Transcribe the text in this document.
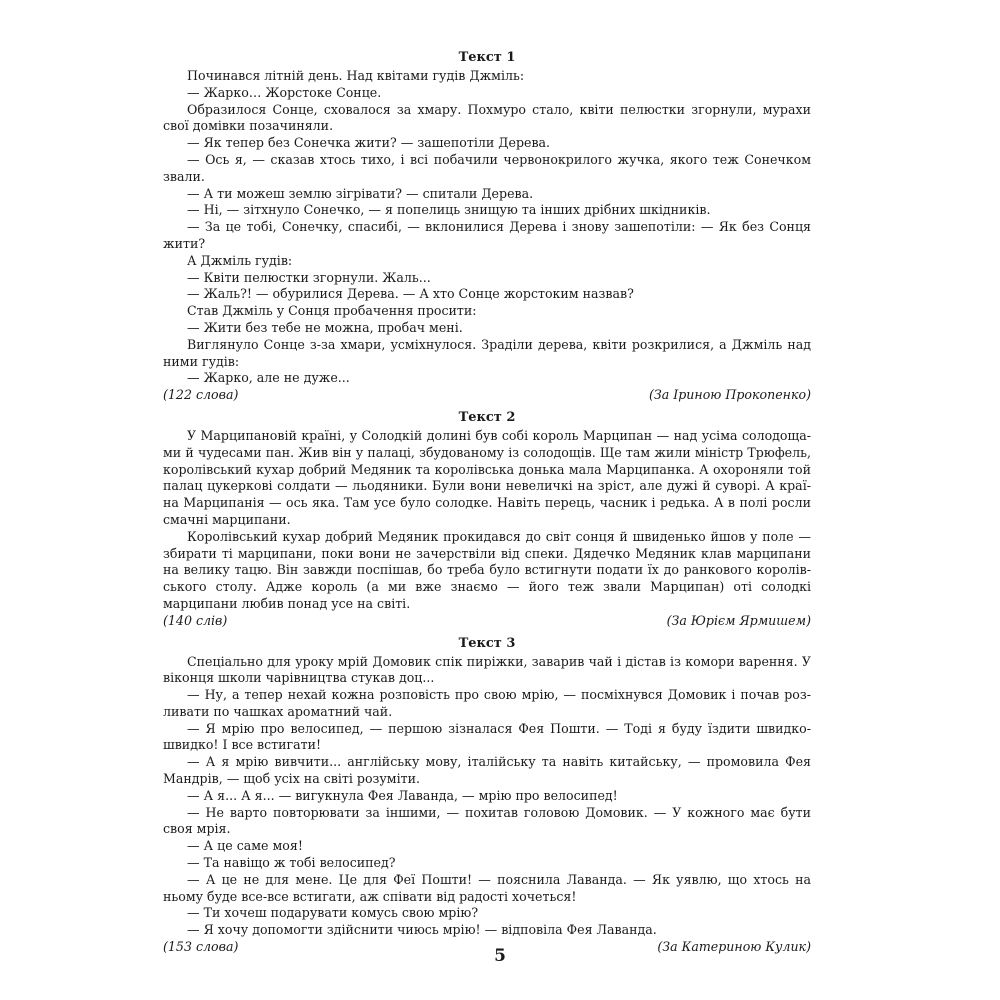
Текст 1

Починався літній день. Над квітами гудів Джміль:

— Жарко… Жорстоке Сонце.

Образилося Сонце, сховалося за хмару. Похмуро стало, квіти пелюстки згорнули, мурахи свої домівки позачиняли.

— Як тепер без Сонечка жити? — зашепотіли Дерева.

— Ось я, — сказав хтось тихо, і всі побачили червонокрилого жучка, якого теж Сонечком звали.

— А ти можеш землю зігрівати? — спитали Дерева.

— Ні, — зітхнуло Сонечко, — я попелиць знищую та інших дрібних шкідників.

— За це тобі, Сонечку, спасибі, — вклонилися Дерева і знову зашепотіли: — Як без Сонця жити?

А Джміль гудів:

— Квіти пелюстки згорнули. Жаль...

— Жаль?! — обурилися Дерева. — А хто Сонце жорстоким назвав?

Став Джміль у Сонця пробачення просити:

— Жити без тебе не можна, пробач мені.

Виглянуло Сонце з-за хмари, усміхнулося. Зраділи дерева, квіти розкрилися, а Джміль над ними гудів:

— Жарко, але не дуже...

(122 слова)	(За Іриною Прокопенко)
Текст 2

У Марципановій країні, у Солодкій долині був собі король Марципан — над усіма солодощами й чудесами пан. Жив він у палаці, збудованому із солодощів. Ще там жили міністр Трюфель, королівський кухар добрий Медяник та королівська донька мала Марципанка. А охороняли той палац цукеркові солдати — льодяники. Були вони невеличкі на зріст, але дужі й суворі. А країна Марципанія — ось яка. Там усе було солодке. Навіть перець, часник і редька. А в полі росли смачні марципани.

Королівський кухар добрий Медяник прокидався до світ сонця й швиденько йшов у поле — збирати ті марципани, поки вони не зачерствіли від спеки. Дядечко Медяник клав марципани на велику тацю. Він завжди поспішав, бо треба було встигнути подати їх до ранкового королівського столу. Адже король (а ми вже знаємо — його теж звали Марципан) оті солодкі марципани любив понад усе на світі.

(140 слів)	(За Юрієм Ярмишем)
Текст 3

Спеціально для уроку мрій Домовик спік пиріжки, заварив чай і дістав із комори варення. У віконця школи чарівництва стукав доц...

— Ну, а тепер нехай кожна розповість про свою мрію, — посміхнувся Домовик і почав розливати по чашках ароматний чай.

— Я мрію про велосипед, — першою зізналася Фея Пошти. — Тоді я буду їздити швидко-швидко! І все встигати!

— А я мрію вивчити... англійську мову, італійську та навіть китайську, — промовила Фея Мандрів, — щоб усіх на світі розуміти.

— А я... А я... — вигукнула Фея Лаванда, — мрію про велосипед!

— Не варто повторювати за іншими, — похитав головою Домовик. — У кожного має бути своя мрія.

— А це саме моя!

— Та навіщо ж тобі велосипед?

— А це не для мене. Це для Феї Пошти! — пояснила Лаванда. — Як уявлю, що хтось на ньому буде все-все встигати, аж співати від радості хочеться!

— Ти хочеш подарувати комусь свою мрію?

— Я хочу допомогти здійснити чиюсь мрію! — відповіла Фея Лаванда.

(153 слова)	(За Катериною Кулик)
5
